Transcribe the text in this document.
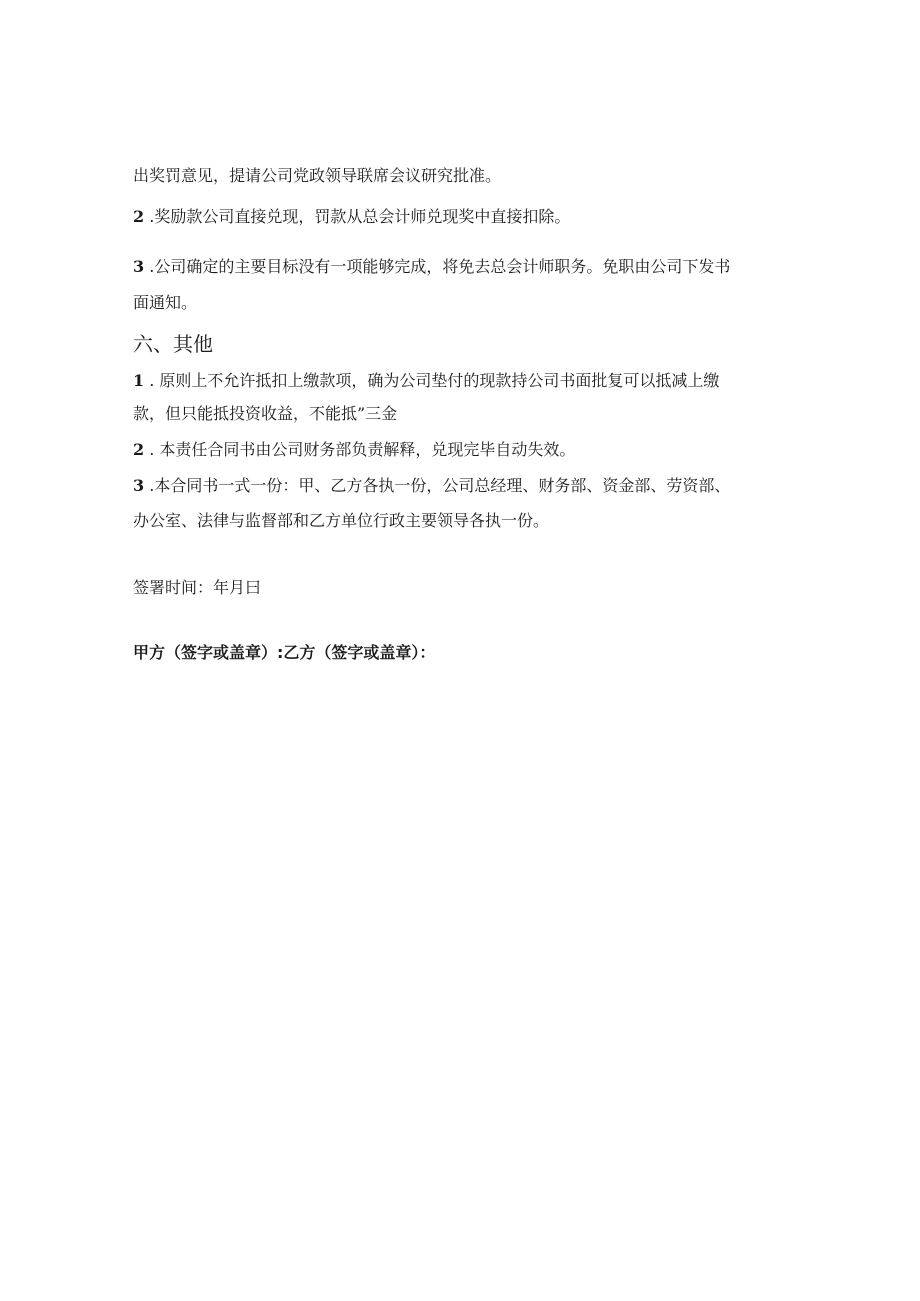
出奖罚意见，提请公司党政领导联席会议研究批准。
2 .奖励款公司直接兑现，罚款从总会计师兑现奖中直接扣除。
3 .公司确定的主要目标没有一项能够完成，将免去总会计师职务。免职由公司下发书
面通知。
六、其他
1 . 原则上不允许抵扣上缴款项，确为公司垫付的现款持公司书面批复可以抵减上缴
款，但只能抵投资收益，不能抵”三金
2 . 本责任合同书由公司财务部负责解释，兑现完毕自动失效。
3 .本合同书一式一份：甲、乙方各执一份，公司总经理、财务部、资金部、劳资部、
办公室、法律与监督部和乙方单位行政主要领导各执一份。
签署时间：年月曰
甲方（签字或盖章）:乙方（签字或盖章）：
